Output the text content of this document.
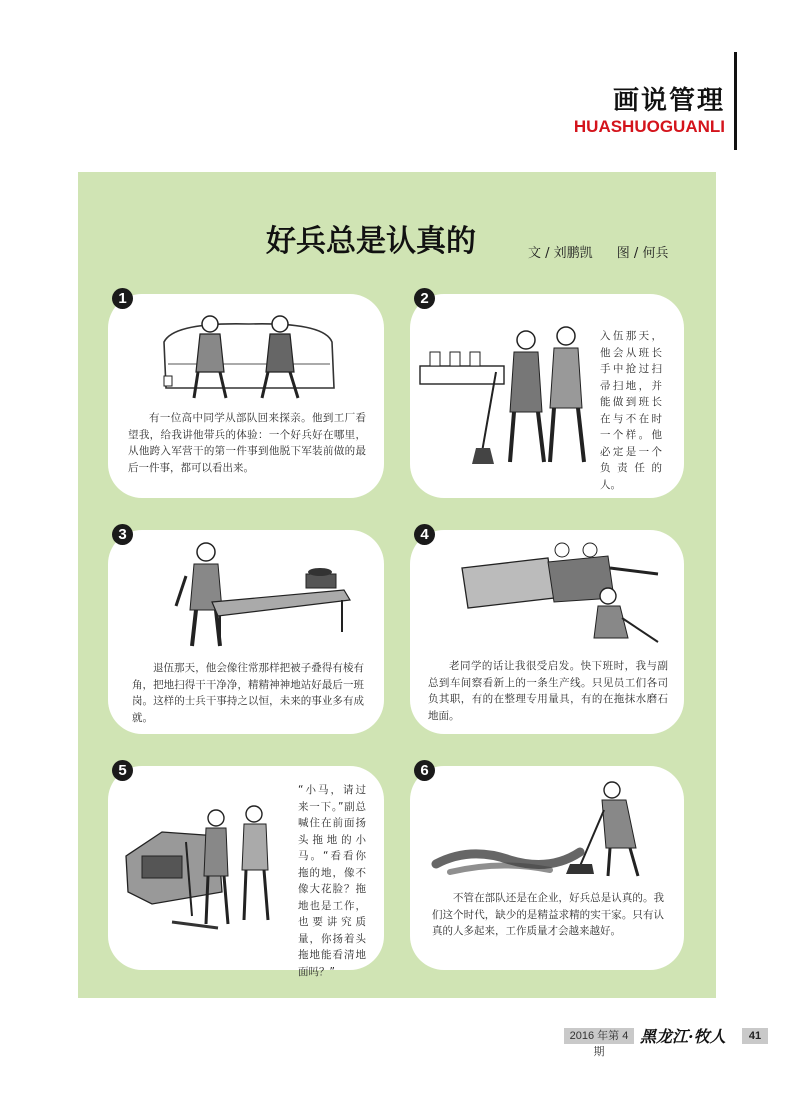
画说管理
HUASHUOGUANLI
好兵总是认真的	文 / 刘鹏凯 图 / 何兵
1
有一位高中同学从部队回来探亲。他到工厂看望我，给我讲他带兵的体验：一个好兵好在哪里，从他跨入军营干的第一件事到他脱下军装前做的最后一件事，都可以看出来。
2
入伍那天，他会从班长手中抢过扫帚扫地，并能做到班长在与不在时一个样。他必定是一个负责任的人。
3
退伍那天，他会像往常那样把被子叠得有棱有角，把地扫得干干净净，精精神神地站好最后一班岗。这样的士兵干事持之以恒，未来的事业多有成就。
4
老同学的话让我很受启发。快下班时，我与副总到车间察看新上的一条生产线。只见员工们各司负其职，有的在整理专用量具，有的在拖抹水磨石地面。
5
“小马，请过来一下。”副总喊住在前面扬头拖地的小马。“看看你拖的地，像不像大花脸？拖地也是工作，也要讲究质量，你扬着头拖地能看清地面吗？”
6
不管在部队还是在企业，好兵总是认真的。我们这个时代，缺少的是精益求精的实干家。只有认真的人多起来，工作质量才会越来越好。
2016 年第 4 期
黑龙江·牧人	41
